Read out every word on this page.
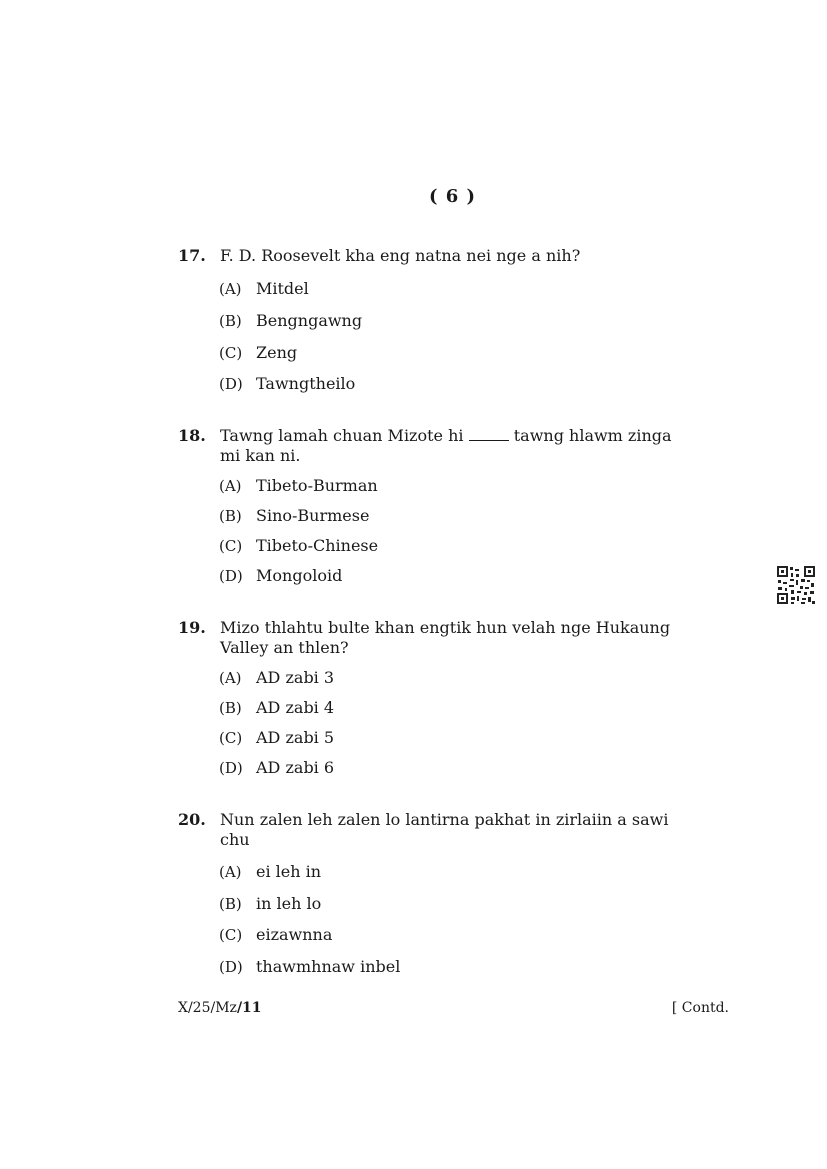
( 6 )
17. F. D. Roosevelt kha eng natna nei nge a nih?
(A) Mitdel
(B) Bengngawng
(C) Zeng
(D) Tawngtheilo
18. Tawng lamah chuan Mizote hi	tawng hlawm zinga mi kan ni.
(A) Tibeto-Burman
(B) Sino-Burmese
(C) Tibeto-Chinese
(D) Mongoloid
19. Mizo thlahtu bulte khan engtik hun velah nge Hukaung Valley an thlen?
(A) AD zabi 3
(B) AD zabi 4
(C) AD zabi 5
(D) AD zabi 6
20. Nun zalen leh zalen lo lantirna pakhat in zirlaiin a sawi chu
(A) ei leh in
(B) in leh lo
(C) eizawnna
(D) thawmhnaw inbel
X/25/Mz/11	[ Contd.
